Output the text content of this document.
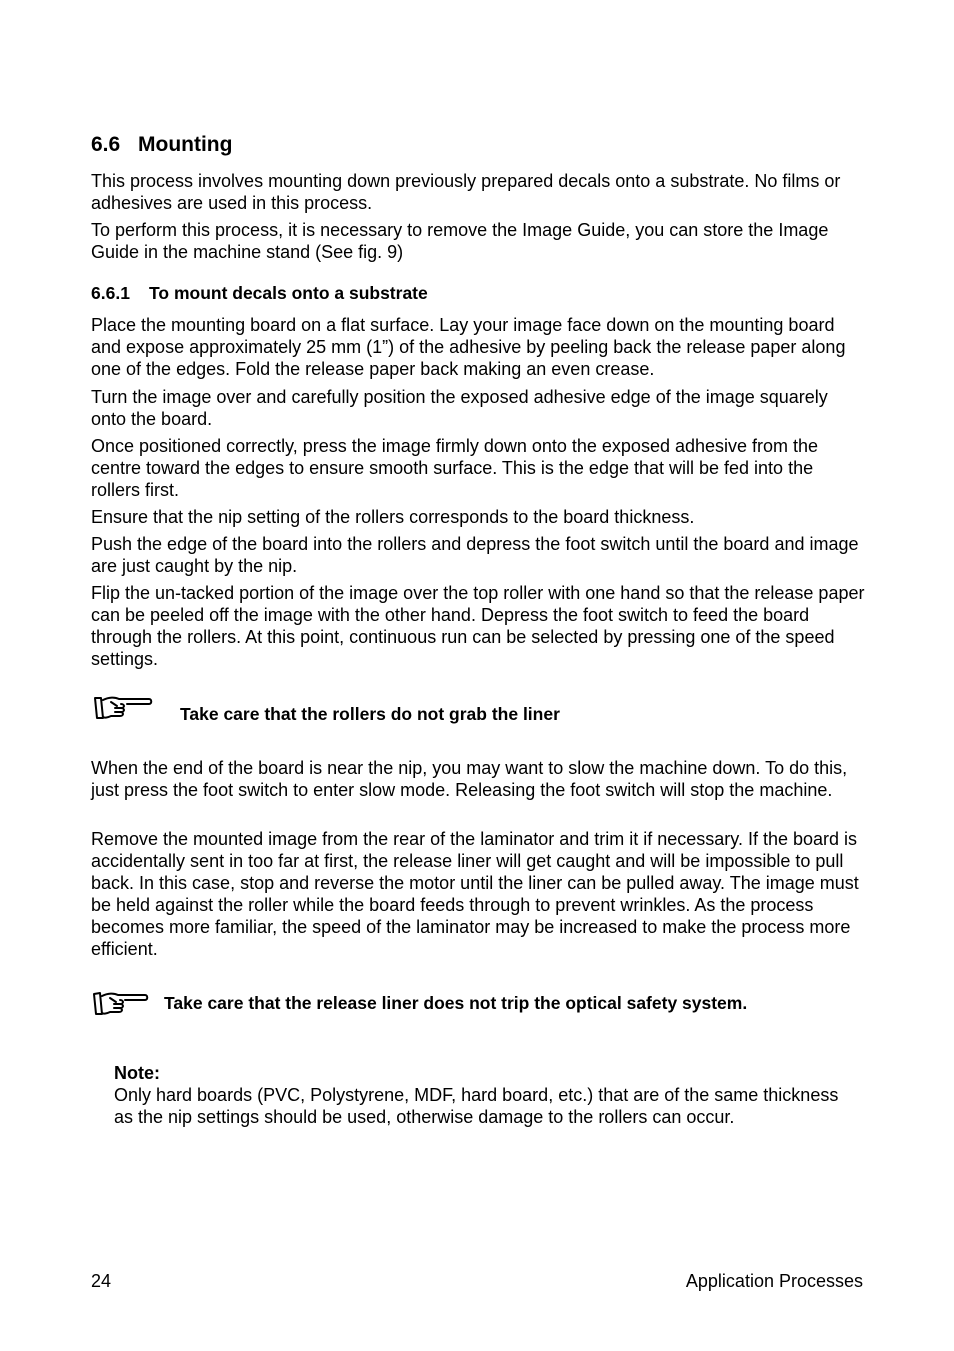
6.6 Mounting

This process involves mounting down previously prepared decals onto a substrate. No films or adhesives are used in this process.

To perform this process, it is necessary to remove the Image Guide, you can store the Image Guide in the machine stand (See fig. 9)

6.6.1 To mount decals onto a substrate

Place the mounting board on a flat surface. Lay your image face down on the mounting board and expose approximately 25 mm (1”) of the adhesive by peeling back the release paper along one of the edges. Fold the release paper back making an even crease.

Turn the image over and carefully position the exposed adhesive edge of the image squarely onto the board.

Once positioned correctly, press the image firmly down onto the exposed adhesive from the centre toward the edges to ensure smooth surface. This is the edge that will be fed into the rollers first.

Ensure that the nip setting of the rollers corresponds to the board thickness.

Push the edge of the board into the rollers and depress the foot switch until the board and image are just caught by the nip.

Flip the un-tacked portion of the image over the top roller with one hand so that the release paper can be peeled off the image with the other hand. Depress the foot switch to feed the board through the rollers. At this point, continuous run can be selected by pressing one of the speed settings.

Take care that the rollers do not grab the liner

When the end of the board is near the nip, you may want to slow the machine down. To do this, just press the foot switch to enter slow mode. Releasing the foot switch will stop the machine.

Remove the mounted image from the rear of the laminator and trim it if necessary. If the board is accidentally sent in too far at first, the release liner will get caught and will be impossible to pull back. In this case, stop and reverse the motor until the liner can be pulled away. The image must be held against the roller while the board feeds through to prevent wrinkles. As the process becomes more familiar, the speed of the laminator may be increased to make the process more efficient.

Take care that the release liner does not trip the optical safety system.
Note:
Only hard boards (PVC, Polystyrene, MDF, hard board, etc.) that are of the same thickness as the nip settings should be used, otherwise damage to the rollers can occur.
24	Application Processes
